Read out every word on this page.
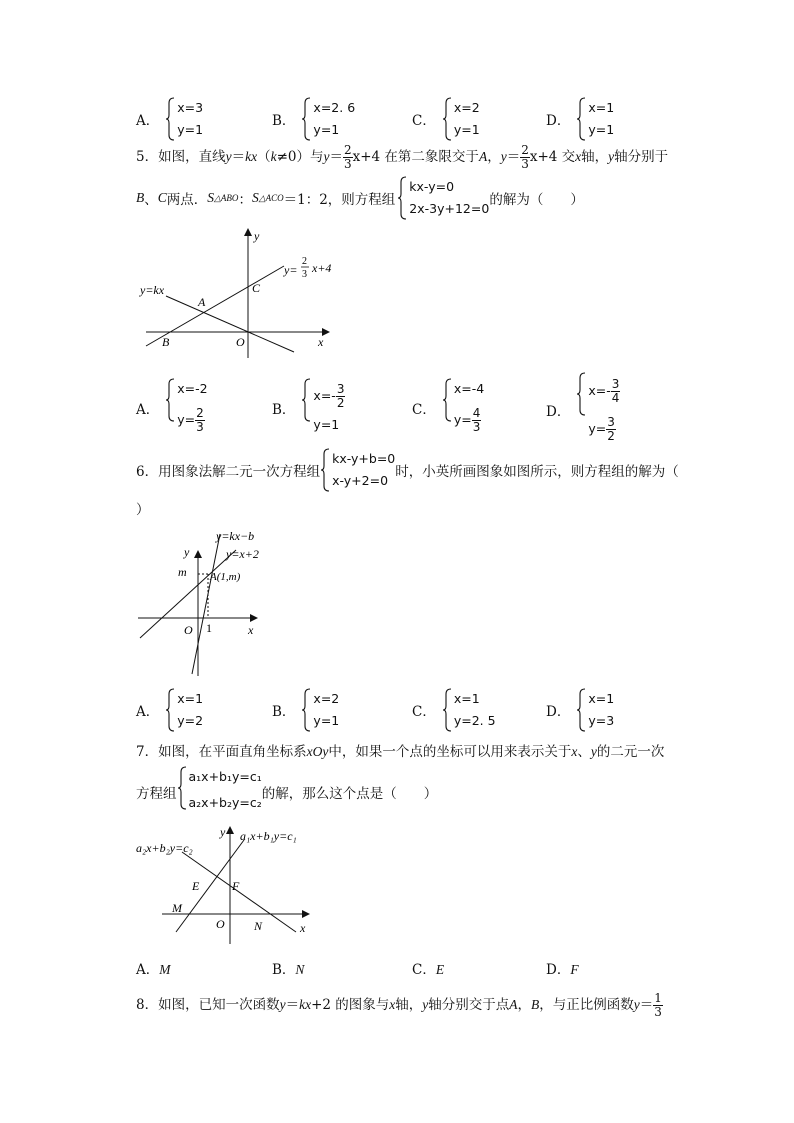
A．
x=3
y=1
B．
x=2. 6
y=1
C．
x=2
y=1
D．
x=1
y=1
5．如图，直线y＝kx（k≠0）与$y= \frac{2}{3} x+4$ 在第二象限交于A，$y= \frac{2}{3} x+4$ 交x轴，y轴分别于
B 、 C 两点． S △ABO ： S △ACO ＝1：2，则方程组
kx-y=0
2x-3y+12=0
的解为（　　）
y
x
y=kx
y=
2
3 x+4
A
B
C
O
A．
x=-2
$y= \frac{2}{3}$	B．
$x=- \frac{3}{2}$
y=1
C．
x=-4
$y= \frac{4}{3}$	D．
$x=- \frac{3}{4}$
$y= \frac{3}{2}$
6． 用图象法解二元一次方程组
kx-y+b=0
x-y+2=0
时，小英所画图象如图所示，则方程组的解为（
）
y=kx−b
y=x+2
y
x
m A(1,m)
O 1
A．
x=1
y=2
B．
x=2
y=1
C．
x=1
y=2. 5
D．
x=1
y=3
7．如图，在平面直角坐标系xOy中，如果一个点的坐标可以用来表示关于x、y的二元一次
方程组
a₁x+b₁y=c₁
a₂x+b₂y=c₂
的解，那么这个点是（　　）
y
x
a₁x+b₁y=c₁
a₂x+b₂y=c₂
E	F
M
N
O
A．M	B．N	C．E	D．F
8．如图，已知一次函数y＝kx+2 的图象与x轴，y轴分别交于点A，B，与正比例函数$y= \frac{1}{3}$
